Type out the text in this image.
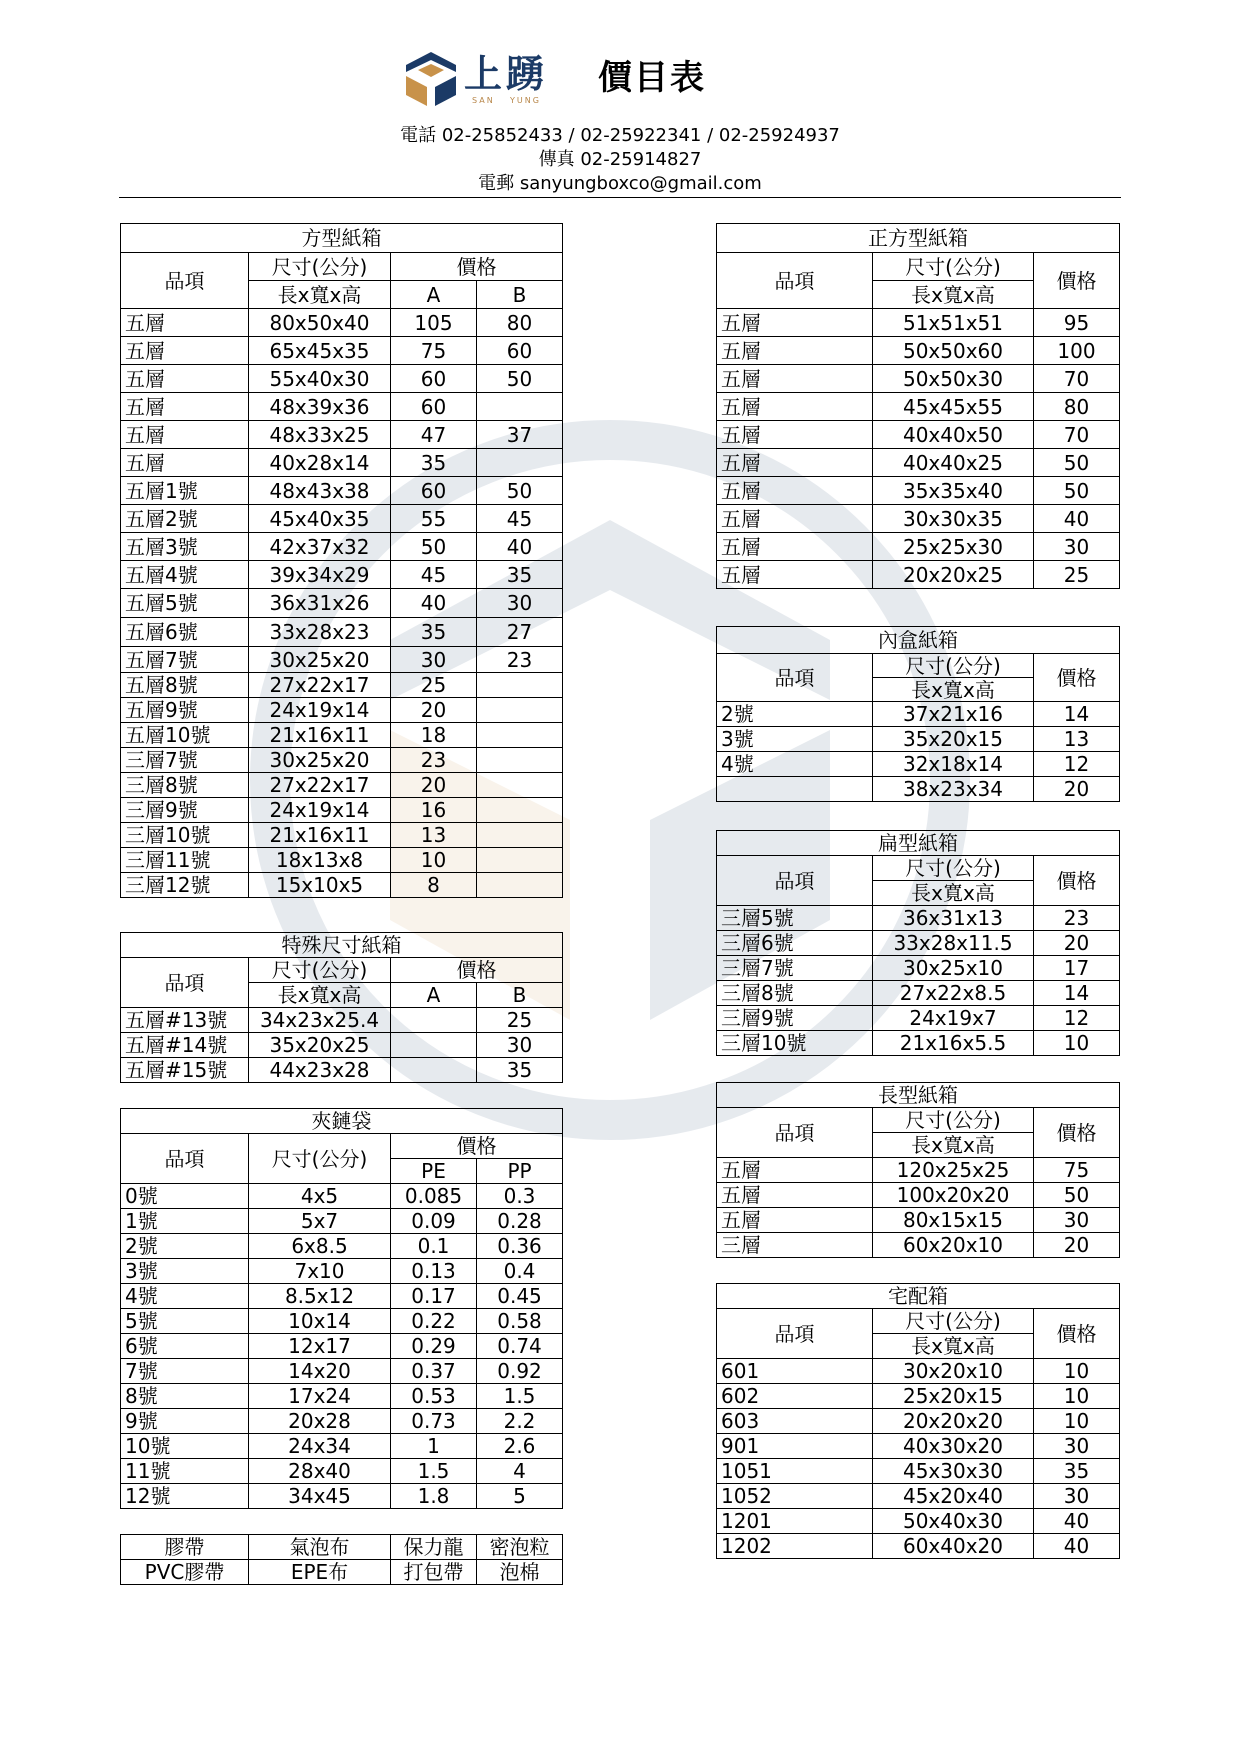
上踴
SAN YUNG
價目表
電話 02-25852433 / 02-25922341 / 02-25924937
傳真 02-25914827
電郵 sanyungboxco@gmail.com
方型紙箱			
品項	尺寸(公分)	價格	
	長x寬x高	A	B
五層	80x50x40	105	80
五層	65x45x35	75	60
五層	55x40x30	60	50
五層	48x39x36	60	
五層	48x33x25	47	37
五層	40x28x14	35	
五層1號	48x43x38	60	50
五層2號	45x40x35	55	45
五層3號	42x37x32	50	40
五層4號	39x34x29	45	35
五層5號	36x31x26	40	30
五層6號	33x28x23	35	27
五層7號	30x25x20	30	23
五層8號	27x22x17	25	
五層9號	24x19x14	20	
五層10號	21x16x11	18	
三層7號	30x25x20	23	
三層8號	27x22x17	20	
三層9號	24x19x14	16	
三層10號	21x16x11	13	
三層11號	18x13x8	10	
三層12號	15x10x5	8	
特殊尺寸紙箱			
品項	尺寸(公分)	價格	
	長x寬x高	A	B
五層#13號	34x23x25.4		25
五層#14號	35x20x25		30
五層#15號	44x23x28		35
夾鏈袋			
品項	尺寸(公分)	價格	
		PE	PP
0號	4x5	0.085	0.3
1號	5x7	0.09	0.28
2號	6x8.5	0.1	0.36
3號	7x10	0.13	0.4
4號	8.5x12	0.17	0.45
5號	10x14	0.22	0.58
6號	12x17	0.29	0.74
7號	14x20	0.37	0.92
8號	17x24	0.53	1.5
9號	20x28	0.73	2.2
10號	24x34	1	2.6
11號	28x40	1.5	4
12號	34x45	1.8	5
膠帶	氣泡布	保力龍	密泡粒
PVC膠帶	EPE布	打包帶	泡棉
正方型紙箱		
品項	尺寸(公分)	價格
	長x寬x高	
五層	51x51x51	95
五層	50x50x60	100
五層	50x50x30	70
五層	45x45x55	80
五層	40x40x50	70
五層	40x40x25	50
五層	35x35x40	50
五層	30x30x35	40
五層	25x25x30	30
五層	20x20x25	25
內盒紙箱		
品項	尺寸(公分)	價格
	長x寬x高	
2號	37x21x16	14
3號	35x20x15	13
4號	32x18x14	12
	38x23x34	20
扁型紙箱		
品項	尺寸(公分)	價格
	長x寬x高	
三層5號	36x31x13	23
三層6號	33x28x11.5	20
三層7號	30x25x10	17
三層8號	27x22x8.5	14
三層9號	24x19x7	12
三層10號	21x16x5.5	10
長型紙箱		
品項	尺寸(公分)	價格
	長x寬x高	
五層	120x25x25	75
五層	100x20x20	50
五層	80x15x15	30
三層	60x20x10	20
宅配箱		
品項	尺寸(公分)	價格
	長x寬x高	
601	30x20x10	10
602	25x20x15	10
603	20x20x20	10
901	40x30x20	30
1051	45x30x30	35
1052	45x20x40	30
1201	50x40x30	40
1202	60x40x20	40
